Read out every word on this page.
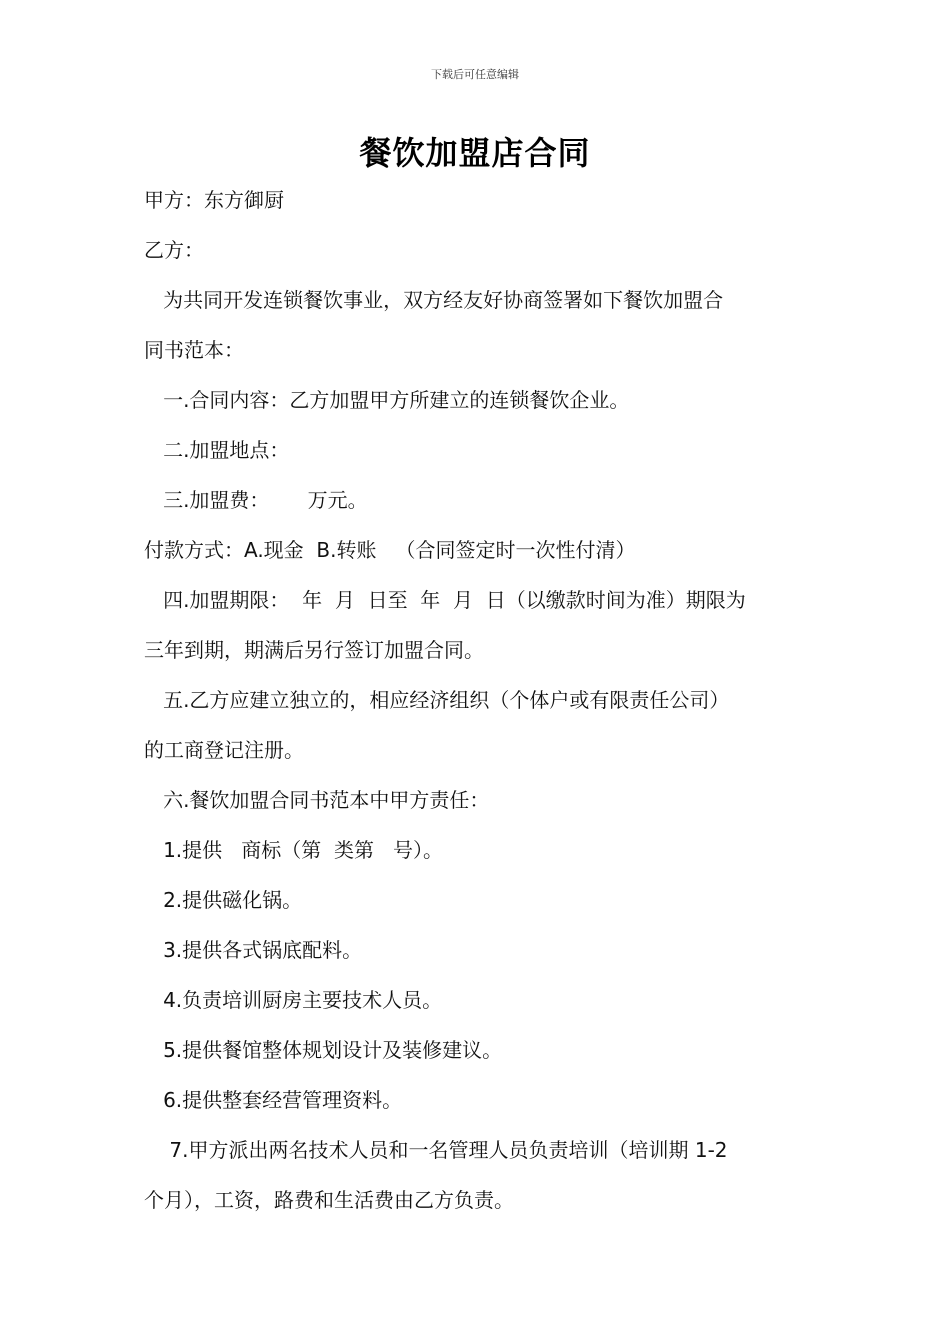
下载后可任意编辑
餐饮加盟店合同
甲方：东方御厨
乙方：
为共同开发连锁餐饮事业，双方经友好协商签署如下餐饮加盟合
同书范本：
一.合同内容：乙方加盟甲方所建立的连锁餐饮企业。
二.加盟地点：
三.加盟费：      万元。
付款方式：A.现金  B.转账   （合同签定时一次性付清）
四.加盟期限：  年  月  日至  年  月  日（以缴款时间为准）期限为
三年到期，期满后另行签订加盟合同。
五.乙方应建立独立的，相应经济组织（个体户或有限责任公司）
的工商登记注册。
六.餐饮加盟合同书范本中甲方责任：
1.提供   商标（第  类第   号）。
2.提供磁化锅。
3.提供各式锅底配料。
4.负责培训厨房主要技术人员。
5.提供餐馆整体规划设计及装修建议。
6.提供整套经营管理资料。
7.甲方派出两名技术人员和一名管理人员负责培训（培训期 1-2
个月），工资，路费和生活费由乙方负责。
